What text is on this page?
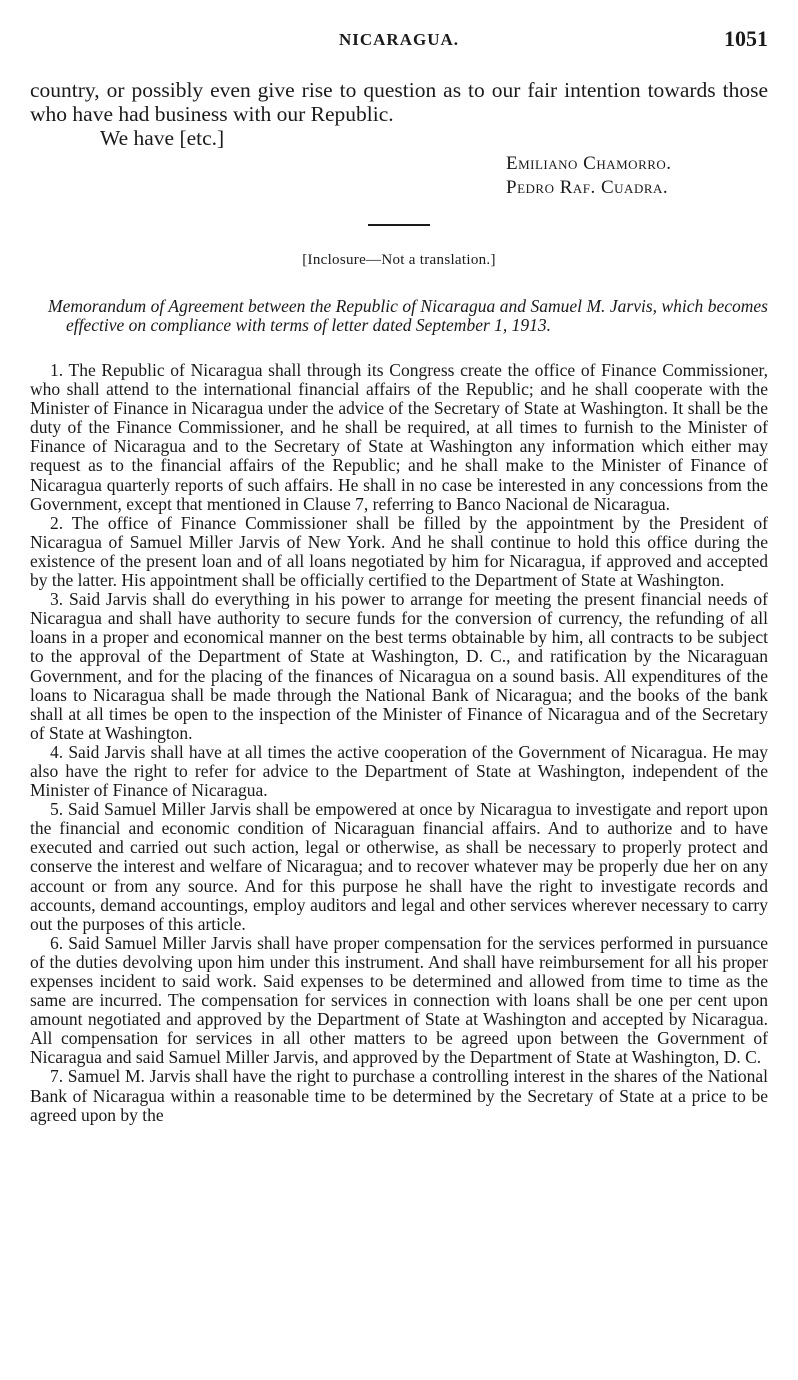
NICARAGUA.	1051

country, or possibly even give rise to question as to our fair intention towards those who have had business with our Republic.

We have [etc.]

Emiliano Chamorro.
Pedro Raf. Cuadra.
[Inclosure—Not a translation.]

Memorandum of Agreement between the Republic of Nicaragua and Samuel M. Jarvis, which becomes effective on compliance with terms of letter dated September 1, 1913.

1. The Republic of Nicaragua shall through its Congress create the office of Finance Commissioner, who shall attend to the international financial affairs of the Republic; and he shall cooperate with the Minister of Finance in Nicaragua under the advice of the Secretary of State at Washington. It shall be the duty of the Finance Commissioner, and he shall be required, at all times to furnish to the Minister of Finance of Nicaragua and to the Secretary of State at Washington any information which either may request as to the financial affairs of the Republic; and he shall make to the Minister of Finance of Nicaragua quarterly reports of such affairs. He shall in no case be interested in any concessions from the Government, except that mentioned in Clause 7, referring to Banco Nacional de Nicaragua.

2. The office of Finance Commissioner shall be filled by the appointment by the President of Nicaragua of Samuel Miller Jarvis of New York. And he shall continue to hold this office during the existence of the present loan and of all loans negotiated by him for Nicaragua, if approved and accepted by the latter. His appointment shall be officially certified to the Department of State at Washington.

3. Said Jarvis shall do everything in his power to arrange for meeting the present financial needs of Nicaragua and shall have authority to secure funds for the conversion of currency, the refunding of all loans in a proper and economical manner on the best terms obtainable by him, all contracts to be subject to the approval of the Department of State at Washington, D. C., and ratification by the Nicaraguan Government, and for the placing of the finances of Nicaragua on a sound basis. All expenditures of the loans to Nicaragua shall be made through the National Bank of Nicaragua; and the books of the bank shall at all times be open to the inspection of the Minister of Finance of Nicaragua and of the Secretary of State at Washington.

4. Said Jarvis shall have at all times the active cooperation of the Government of Nicaragua. He may also have the right to refer for advice to the Department of State at Washington, independent of the Minister of Finance of Nicaragua.

5. Said Samuel Miller Jarvis shall be empowered at once by Nicaragua to investigate and report upon the financial and economic condition of Nicaraguan financial affairs. And to authorize and to have executed and carried out such action, legal or otherwise, as shall be necessary to properly protect and conserve the interest and welfare of Nicaragua; and to recover whatever may be properly due her on any account or from any source. And for this purpose he shall have the right to investigate records and accounts, demand accountings, employ auditors and legal and other services wherever necessary to carry out the purposes of this article.

6. Said Samuel Miller Jarvis shall have proper compensation for the services performed in pursuance of the duties devolving upon him under this instrument. And shall have reimbursement for all his proper expenses incident to said work. Said expenses to be determined and allowed from time to time as the same are incurred. The compensation for services in connection with loans shall be one per cent upon amount negotiated and approved by the Department of State at Washington and accepted by Nicaragua. All compensation for services in all other matters to be agreed upon between the Government of Nicaragua and said Samuel Miller Jarvis, and approved by the Department of State at Washington, D. C.

7. Samuel M. Jarvis shall have the right to purchase a controlling interest in the shares of the National Bank of Nicaragua within a reasonable time to be determined by the Secretary of State at a price to be agreed upon by the
